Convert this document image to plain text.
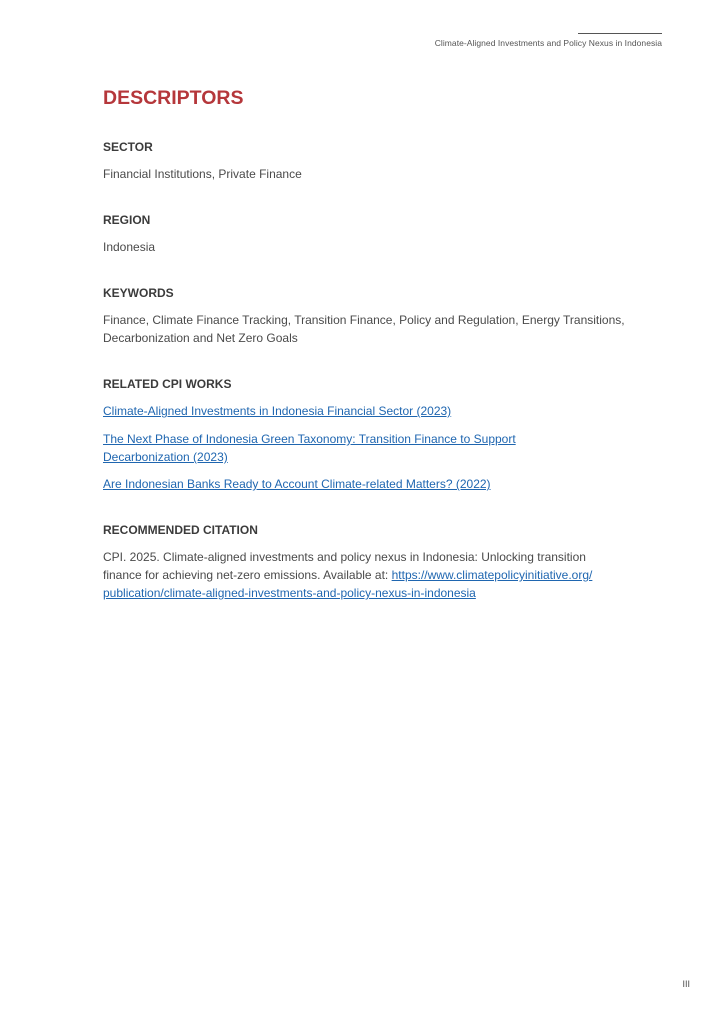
Climate-Aligned Investments and Policy Nexus in Indonesia
DESCRIPTORS
SECTOR

Financial Institutions, Private Finance

REGION

Indonesia

KEYWORDS

Finance, Climate Finance Tracking, Transition Finance, Policy and Regulation, Energy Transitions,
Decarbonization and Net Zero Goals

RELATED CPI WORKS

Climate-Aligned Investments in Indonesia Financial Sector (2023)

The Next Phase of Indonesia Green Taxonomy: Transition Finance to Support
Decarbonization (2023)

Are Indonesian Banks Ready to Account Climate-related Matters? (2022)

RECOMMENDED CITATION

CPI. 2025. Climate-aligned investments and policy nexus in Indonesia: Unlocking transition
finance for achieving net-zero emissions. Available at: https://www.climatepolicyinitiative.org/
publication/climate-aligned-investments-and-policy-nexus-in-indonesia

III
